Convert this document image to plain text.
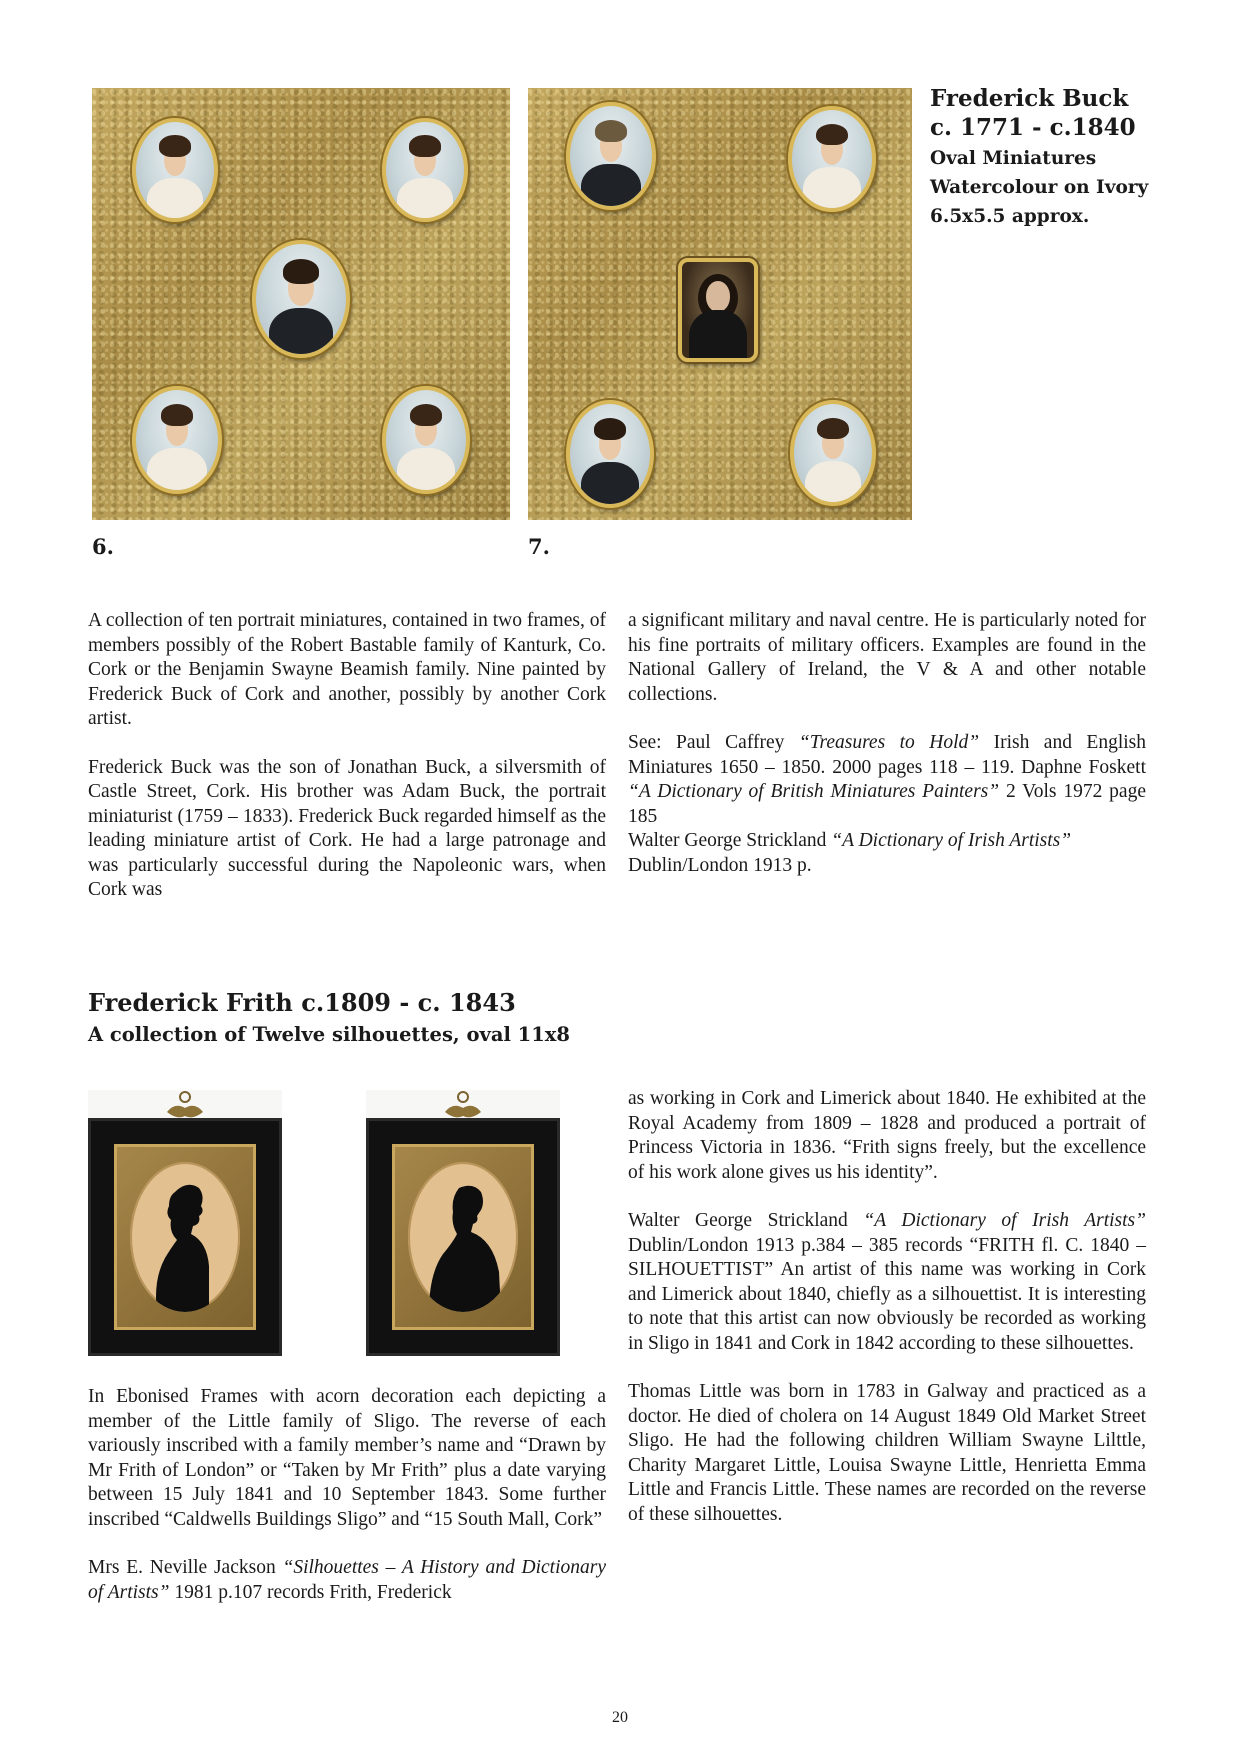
6.	7.
Frederick Buck
c. 1771 - c.1840
Oval Miniatures
Watercolour on Ivory
6.5x5.5 approx.
A collection of ten portrait miniatures, contained in two frames, of members possibly of the Robert Bastable family of Kanturk, Co. Cork or the Benjamin Swayne Beamish family. Nine painted by Frederick Buck of Cork and another, possibly by another Cork artist.
Frederick Buck was the son of Jonathan Buck, a silversmith of Castle Street, Cork. His brother was Adam Buck, the portrait miniaturist (1759 – 1833). Frederick Buck regarded himself as the leading miniature artist of Cork. He had a large patronage and was particularly successful during the Napoleonic wars, when Cork was
a significant military and naval centre. He is particularly noted for his fine portraits of military officers. Examples are found in the National Gallery of Ireland, the V & A and other notable collections.
See: Paul Caffrey “Treasures to Hold” Irish and English Miniatures 1650 – 1850. 2000 pages 118 – 119. Daphne Foskett “A Dictionary of British Miniatures Painters” 2 Vols 1972 page 185
Walter George Strickland “A Dictionary of Irish Artists” Dublin/London 1913 p.
Frederick Frith c.1809 - c. 1843
A collection of Twelve silhouettes, oval 11x8
In Ebonised Frames with acorn decoration each depicting a member of the Little family of Sligo. The reverse of each variously inscribed with a family member’s name and “Drawn by Mr Frith of London” or “Taken by Mr Frith” plus a date varying between 15 July 1841 and 10 September 1843. Some further inscribed “Caldwells Buildings Sligo” and “15 South Mall, Cork”
Mrs E. Neville Jackson “Silhouettes – A History and Dictionary of Artists” 1981 p.107 records Frith, Frederick
as working in Cork and Limerick about 1840. He exhibited at the Royal Academy from 1809 – 1828 and produced a portrait of Princess Victoria in 1836. “Frith signs freely, but the excellence of his work alone gives us his identity”.
Walter George Strickland “A Dictionary of Irish Artists” Dublin/London 1913 p.384 – 385 records “FRITH fl. C. 1840 – SILHOUETTIST” An artist of this name was working in Cork and Limerick about 1840, chiefly as a silhouettist. It is interesting to note that this artist can now obviously be recorded as working in Sligo in 1841 and Cork in 1842 according to these silhouettes.
Thomas Little was born in 1783 in Galway and practiced as a doctor. He died of cholera on 14 August 1849 Old Market Street Sligo. He had the following children William Swayne Lilttle, Charity Margaret Little, Louisa Swayne Little, Henrietta Emma Little and Francis Little. These names are recorded on the reverse of these silhouettes.
20
